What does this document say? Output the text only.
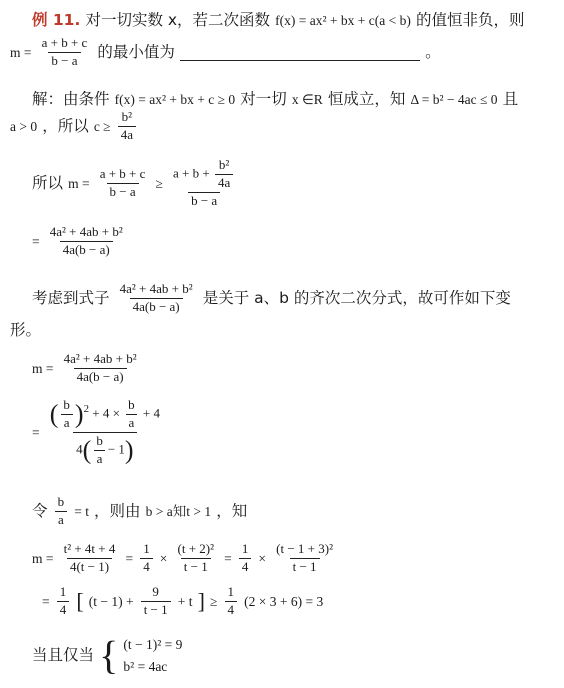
例 11. 对一切实数 x，若二次函数 f(x) = ax² + bx + c(a < b) 的值恒非负，则
$m = \frac{a + b + c}{b - a}$ 的最小值为	。
解：由条件 f(x) = ax² + bx + c ≥ 0 对一切 x ∈R 恒成立，知 Δ = b² − 4ac ≤ 0 且
a > 0 ，所以 $c \ge \frac{\text{b²}}{4a}$
所以 $m = \frac{a + b + c}{b - a} \ge \frac{a + b + \frac{\text{b²}}{4a}}{b - a}$
= $\frac{\text{4a² + 4ab + b²}}{4a(b - a)}$
考虑到式子 $\frac{\text{4a² + 4ab + b²}}{4a(b - a)}$ 是关于 a、b 的齐次二次分式，故可作如下变
形。
$m = \frac{\text{4a² + 4ab + b²}}{4a(b - a)}$
= $\frac{( \frac{b}{a} )^2 + 4 \times \frac{b}{a} + 4}{4( \frac{b}{a} - 1)}$
令 $\frac{b}{a} = t$ ，则由 b > a知t > 1 ，知
$m = \frac{\text{t² + 4t + 4}}{4(t - 1)} = \frac{1}{4} \times \frac{\text{(t + 2)²}}{t - 1} = \frac{1}{4} \times \frac{\text{(t − 1 + 3)²}}{t - 1}$
= $\frac{1}{4}$ [ $(t - 1) + \frac{9}{t - 1} + t$ ] ≥ $\frac{1}{4} (2 \times 3 + 6) = 3$
当且仅当 { (t − 1)² = 9
b² = 4ac
